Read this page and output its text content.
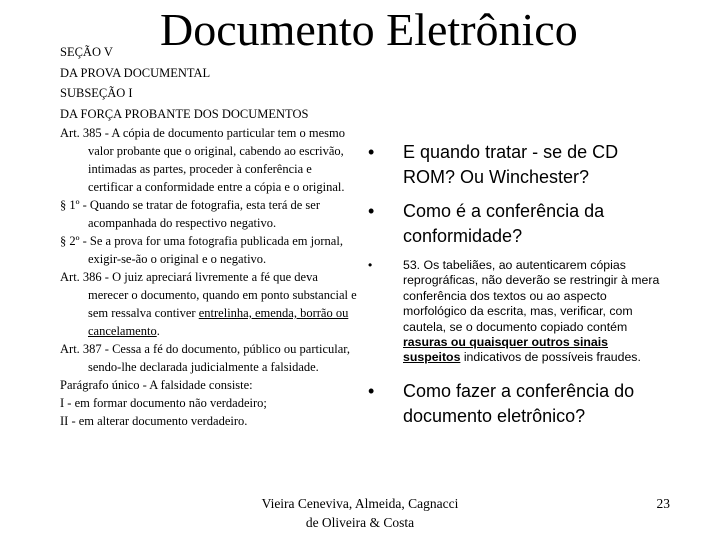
Documento Eletrônico

SEÇÃO V

DA PROVA DOCUMENTAL

SUBSEÇÃO I

DA FORÇA PROBANTE DOS DOCUMENTOS

Art. 385 - A cópia de documento particular tem o mesmo valor probante que o original, cabendo ao escrivão, intimadas as partes, proceder à conferência e certificar a conformidade entre a cópia e o original.

§ 1º - Quando se tratar de fotografia, esta terá de ser acompanhada do respectivo negativo.

§ 2º - Se a prova for uma fotografia publicada em jornal, exigir-se-ão o original e o negativo.

Art. 386 - O juiz apreciará livremente a fé que deva merecer o documento, quando em ponto substancial e sem ressalva contiver entrelinha, emenda, borrão ou cancelamento.

Art. 387 - Cessa a fé do documento, público ou particular, sendo-lhe declarada judicialmente a falsidade.

Parágrafo único - A falsidade consiste:

I - em formar documento não verdadeiro;

II - em alterar documento verdadeiro.

•	E quando tratar - se de CD ROM? Ou Winchester?
•	Como é a conferência da conformidade?
•	53. Os tabeliães, ao autenticarem cópias reprográficas, não deverão se restringir à mera conferência dos textos ou ao aspecto morfológico da escrita, mas, verificar, com cautela, se o documento copiado contém rasuras ou quaisquer outros sinais suspeitos indicativos de possíveis fraudes.
•	Como fazer a conferência do documento eletrônico?
Vieira Ceneviva, Almeida, Cagnacci
de Oliveira & Costa
23
